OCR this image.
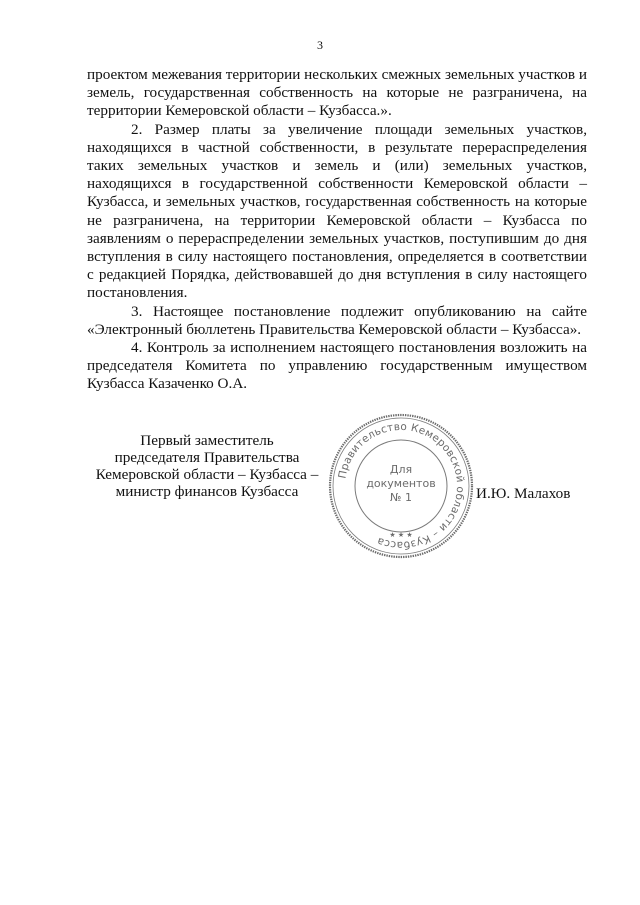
3

проектом межевания территории нескольких смежных земельных участков и земель, государственная собственность на которые не разграничена, на территории Кемеровской области – Кузбасса.».

2. Размер платы за увеличение площади земельных участков, находящихся в частной собственности, в результате перераспределения таких земельных участков и земель и (или) земельных участков, находящихся в государственной собственности Кемеровской области – Кузбасса, и земельных участков, государственная собственность на которые не разграничена, на территории Кемеровской области – Кузбасса по заявлениям о перераспределении земельных участков, поступившим до дня вступления в силу настоящего постановления, определяется в соответствии с редакцией Порядка, действовавшей до дня вступления в силу настоящего постановления.

3. Настоящее постановление подлежит опубликованию на сайте «Электронный бюллетень Правительства Кемеровской области – Кузбасса».

4. Контроль за исполнением настоящего постановления возложить на председателя Комитета по управлению государственным имуществом Кузбасса Казаченко О.А.

Первый заместитель
председателя Правительства
Кемеровской области – Кузбасса –
министр финансов Кузбасса
Правительство Кемеровской области – Кузбасса ★ ★ ★
Для
документов
№ 1	И.Ю. Малахов
